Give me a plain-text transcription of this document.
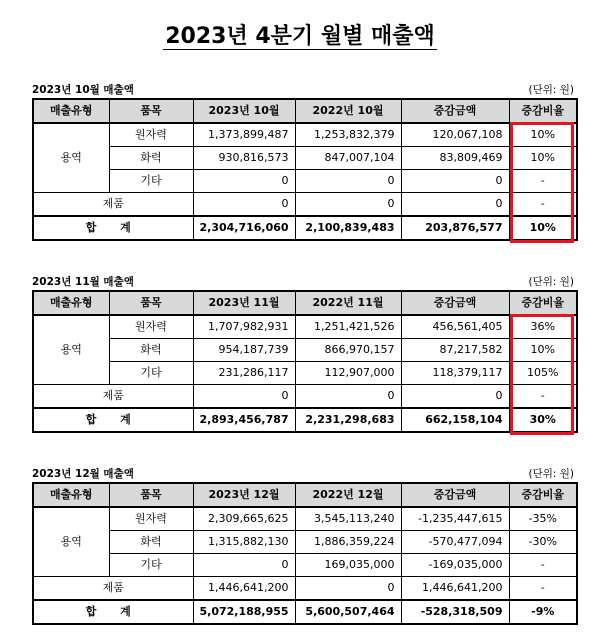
2023년 4분기 월별 매출액
2023년 10월 매출액	(단위: 원)
매출유형	품목	2023년 10월	2022년 10월	증감금액	증감비율
용역	원자력	1,373,899,487	1,253,832,379	120,067,108	10%
	화력	930,816,573	847,007,104	83,809,469	10%
	기타	0	0	0	-
제품		0	0	0	-
합 계		2,304,716,060	2,100,839,483	203,876,577	10%
2023년 11월 매출액	(단위: 원)
매출유형	품목	2023년 11월	2022년 11월	증감금액	증감비율
용역	원자력	1,707,982,931	1,251,421,526	456,561,405	36%
	화력	954,187,739	866,970,157	87,217,582	10%
	기타	231,286,117	112,907,000	118,379,117	105%
제품		0	0	0	-
합 계		2,893,456,787	2,231,298,683	662,158,104	30%
2023년 12월 매출액	(단위: 원)
매출유형	품목	2023년 12월	2022년 12월	증감금액	증감비율
용역	원자력	2,309,665,625	3,545,113,240	-1,235,447,615	-35%
	화력	1,315,882,130	1,886,359,224	-570,477,094	-30%
	기타	0	169,035,000	-169,035,000	-
제품		1,446,641,200	0	1,446,641,200	-
합 계		5,072,188,955	5,600,507,464	-528,318,509	-9%
